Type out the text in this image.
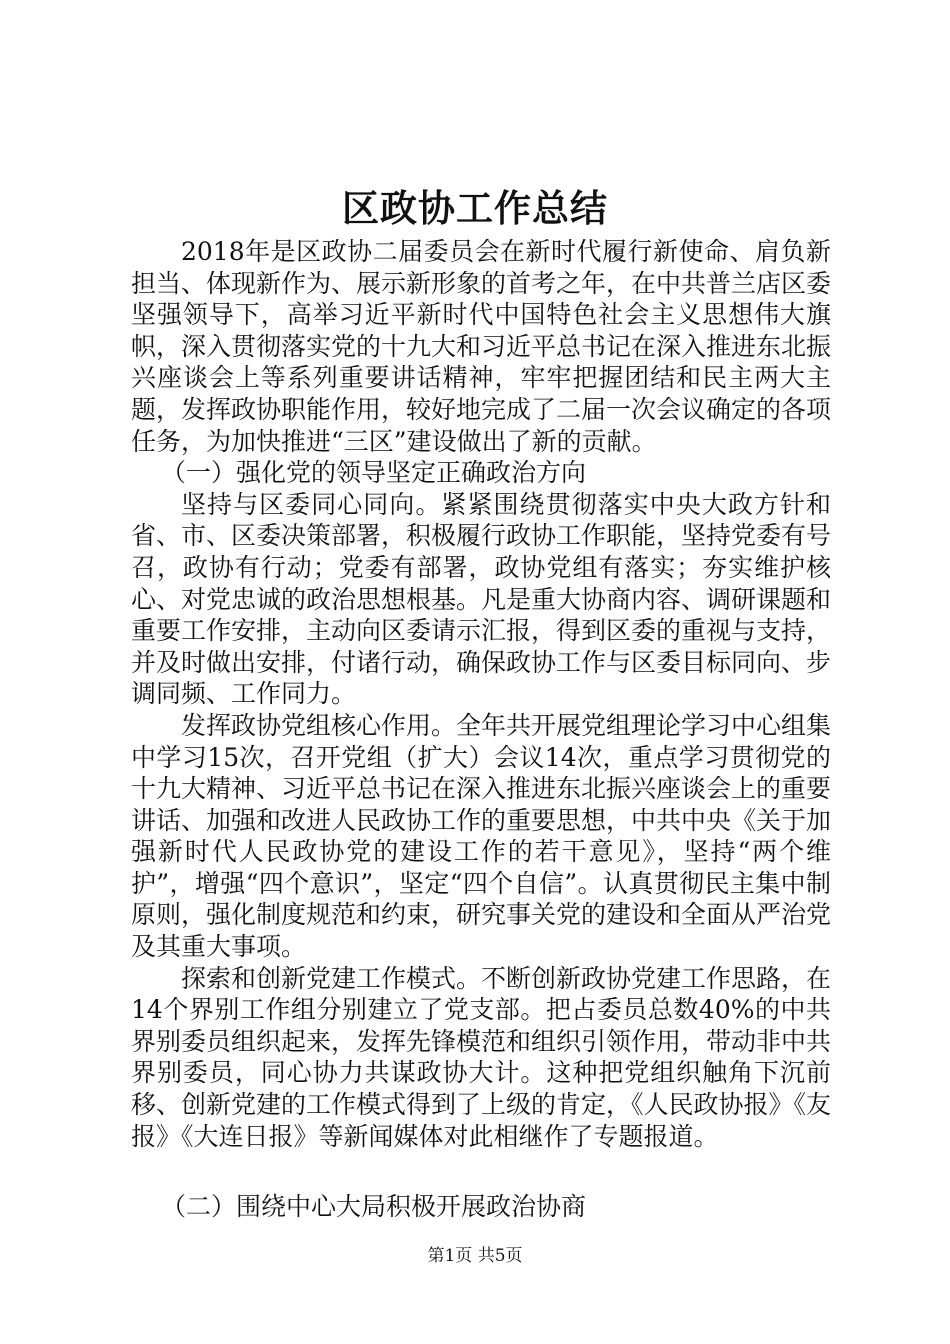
区政协工作总结

2018年是区政协二届委员会在新时代履行新使命、肩负新担当、体现新作为、展示新形象的首考之年，在中共普兰店区委坚强领导下，高举习近平新时代中国特色社会主义思想伟大旗帜，深入贯彻落实党的十九大和习近平总书记在深入推进东北振兴座谈会上等系列重要讲话精神，牢牢把握团结和民主两大主题，发挥政协职能作用，较好地完成了二届一次会议确定的各项任务，为加快推进“三区”建设做出了新的贡献。

（一）强化党的领导坚定正确政治方向

坚持与区委同心同向。紧紧围绕贯彻落实中央大政方针和省、市、区委决策部署，积极履行政协工作职能，坚持党委有号召，政协有行动；党委有部署，政协党组有落实；夯实维护核心、对党忠诚的政治思想根基。凡是重大协商内容、调研课题和重要工作安排，主动向区委请示汇报，得到区委的重视与支持，并及时做出安排，付诸行动，确保政协工作与区委目标同向、步调同频、工作同力。

发挥政协党组核心作用。全年共开展党组理论学习中心组集中学习15次，召开党组（扩大）会议14次，重点学习贯彻党的十九大精神、习近平总书记在深入推进东北振兴座谈会上的重要讲话、加强和改进人民政协工作的重要思想，中共中央《关于加强新时代人民政协党的建设工作的若干意见》，坚持“两个维护”，增强“四个意识”，坚定“四个自信”。认真贯彻民主集中制原则，强化制度规范和约束，研究事关党的建设和全面从严治党及其重大事项。

探索和创新党建工作模式。不断创新政协党建工作思路，在14个界别工作组分别建立了党支部。把占委员总数40%的中共界别委员组织起来，发挥先锋模范和组织引领作用，带动非中共界别委员，同心协力共谋政协大计。这种把党组织触角下沉前移、创新党建的工作模式得到了上级的肯定，《人民政协报》《友报》《大连日报》等新闻媒体对此相继作了专题报道。

（二）围绕中心大局积极开展政治协商

第1页 共5页
